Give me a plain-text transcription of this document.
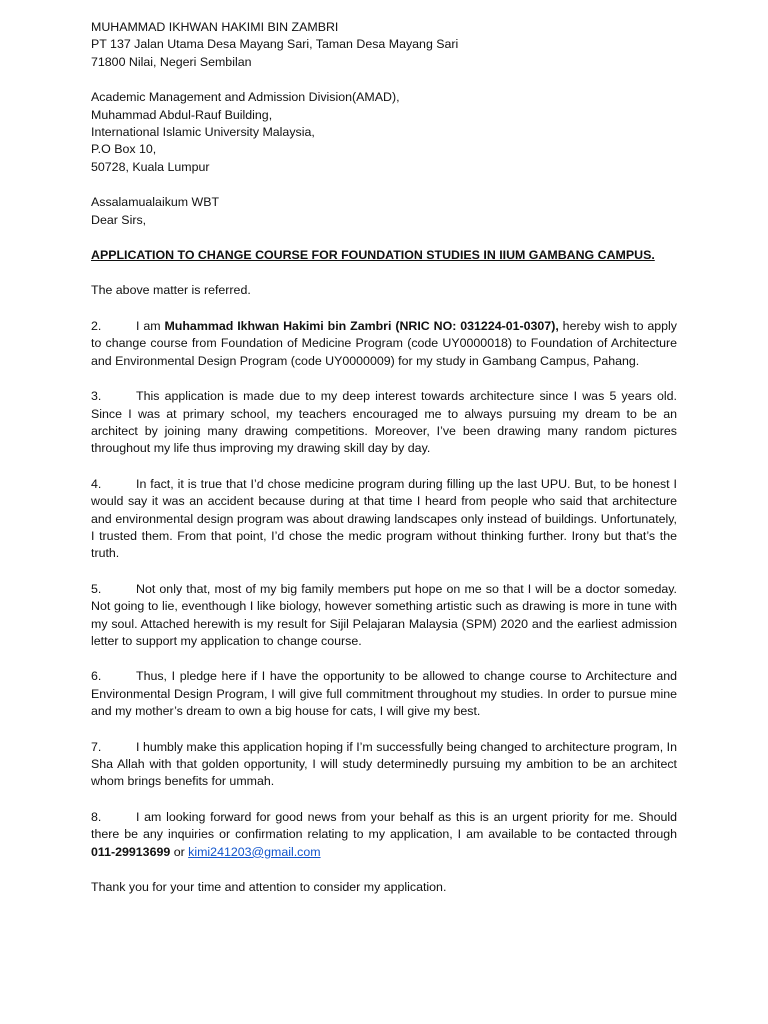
MUHAMMAD IKHWAN HAKIMI BIN ZAMBRI
PT 137 Jalan Utama Desa Mayang Sari, Taman Desa Mayang Sari
71800 Nilai, Negeri Sembilan
Academic Management and Admission Division(AMAD),
Muhammad Abdul-Rauf Building,
International Islamic University Malaysia,
P.O Box 10,
50728, Kuala Lumpur
Assalamualaikum WBT
Dear Sirs,
APPLICATION TO CHANGE COURSE FOR FOUNDATION STUDIES IN IIUM GAMBANG CAMPUS.

The above matter is referred.

2.	I am Muhammad Ikhwan Hakimi bin Zambri (NRIC NO: 031224-01-0307), hereby wish to apply to change course from Foundation of Medicine Program (code UY0000018) to Foundation of Architecture and Environmental Design Program (code UY0000009) for my study in Gambang Campus, Pahang.

3.	This application is made due to my deep interest towards architecture since I was 5 years old. Since I was at primary school, my teachers encouraged me to always pursuing my dream to be an architect by joining many drawing competitions. Moreover, I’ve been drawing many random pictures throughout my life thus improving my drawing skill day by day.

4.	In fact, it is true that I’d chose medicine program during filling up the last UPU. But, to be honest I would say it was an accident because during at that time I heard from people who said that architecture and environmental design program was about drawing landscapes only instead of buildings. Unfortunately, I trusted them. From that point, I’d chose the medic program without thinking further. Irony but that’s the truth.

5.	Not only that, most of my big family members put hope on me so that I will be a doctor someday. Not going to lie, eventhough I like biology, however something artistic such as drawing is more in tune with my soul. Attached herewith is my result for Sijil Pelajaran Malaysia (SPM) 2020 and the earliest admission letter to support my application to change course.

6.	Thus, I pledge here if I have the opportunity to be allowed to change course to Architecture and Environmental Design Program, I will give full commitment throughout my studies. In order to pursue mine and my mother’s dream to own a big house for cats, I will give my best.

7.	I humbly make this application hoping if I’m successfully being changed to architecture program, In Sha Allah with that golden opportunity, I will study determinedly pursuing my ambition to be an architect whom brings benefits for ummah.

8.	I am looking forward for good news from your behalf as this is an urgent priority for me. Should there be any inquiries or confirmation relating to my application, I am available to be contacted through 011-29913699 or kimi241203@gmail.com

Thank you for your time and attention to consider my application.
